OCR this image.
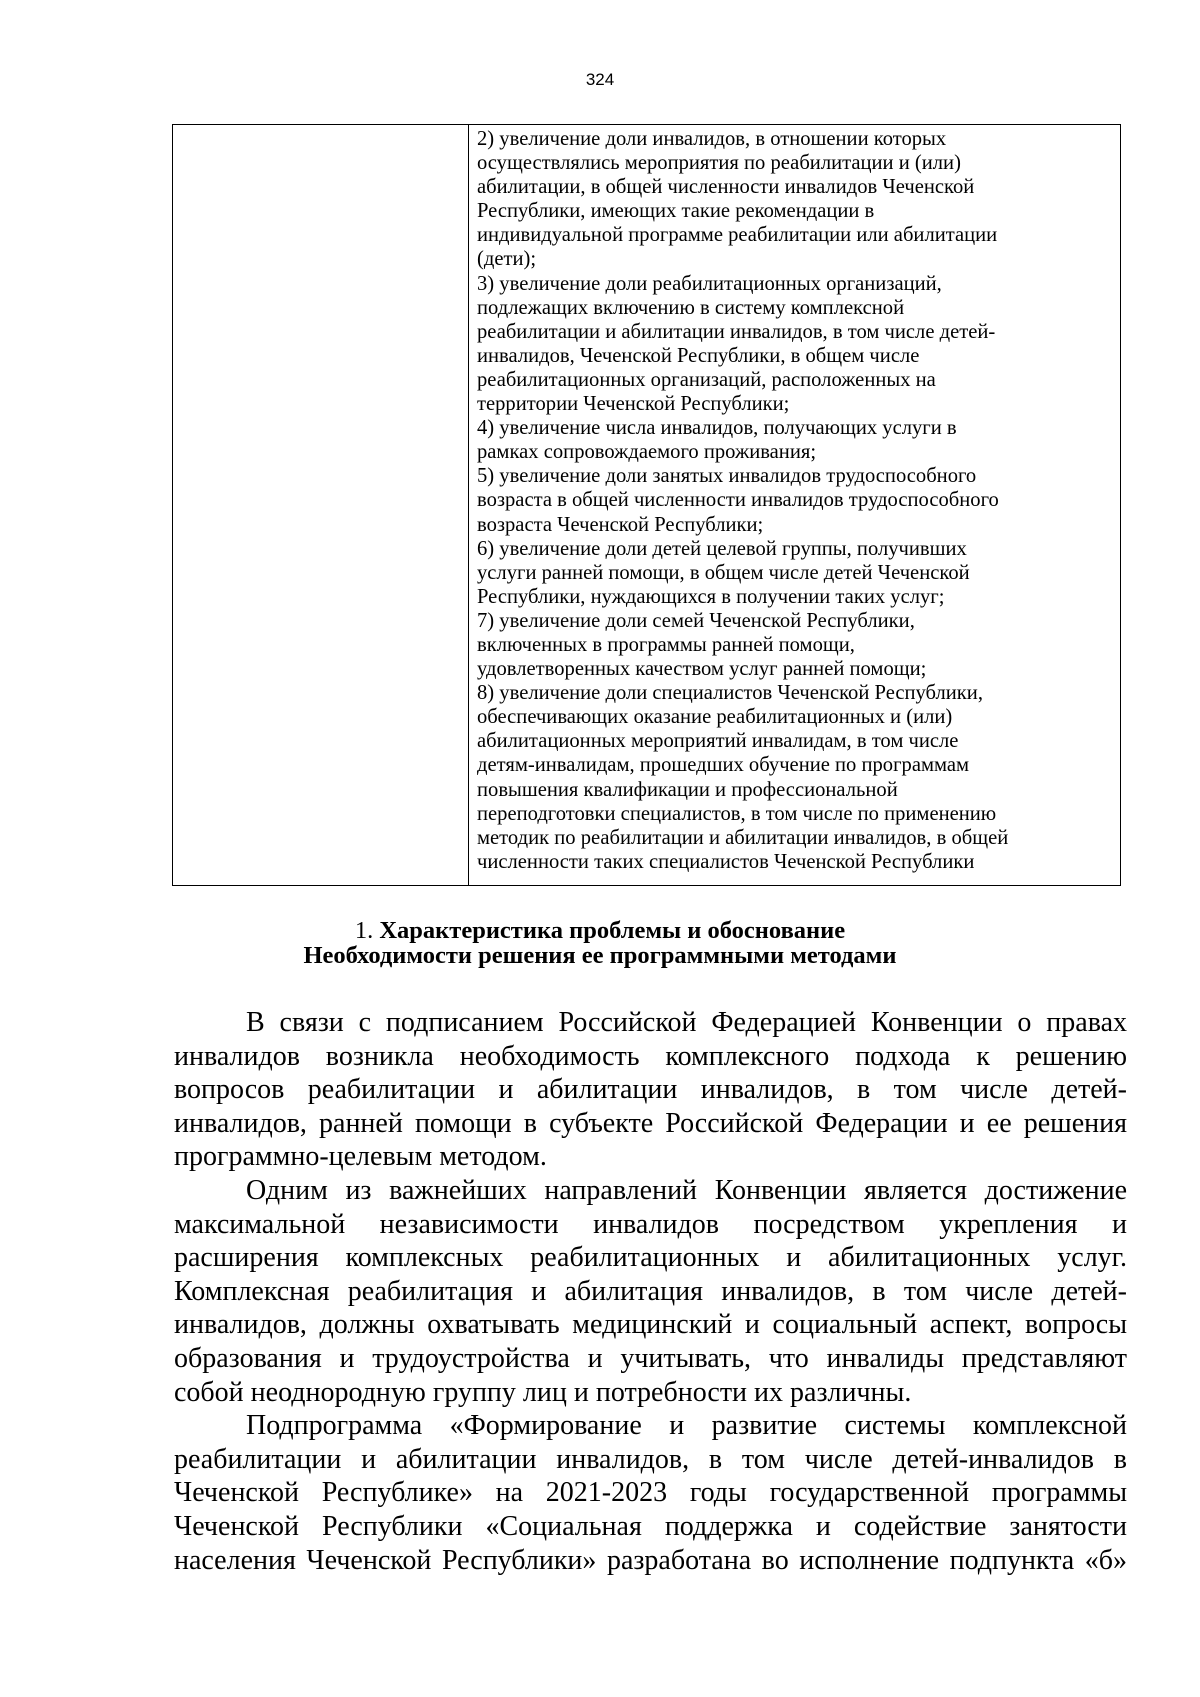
324

2) увеличение доли инвалидов, в отношении которых
осуществлялись мероприятия по реабилитации и (или)
абилитации, в общей численности инвалидов Чеченской
Республики, имеющих такие рекомендации в
индивидуальной программе реабилитации или абилитации
(дети);
3) увеличение доли реабилитационных организаций,
подлежащих включению в систему комплексной
реабилитации и абилитации инвалидов, в том числе детей-
инвалидов, Чеченской Республики, в общем числе
реабилитационных организаций, расположенных на
территории Чеченской Республики;
4) увеличение числа инвалидов, получающих услуги в
рамках сопровождаемого проживания;
5) увеличение доли занятых инвалидов трудоспособного
возраста в общей численности инвалидов трудоспособного
возраста Чеченской Республики;
6) увеличение доли детей целевой группы, получивших
услуги ранней помощи, в общем числе детей Чеченской
Республики, нуждающихся в получении таких услуг;
7) увеличение доли семей Чеченской Республики,
включенных в программы ранней помощи,
удовлетворенных качеством услуг ранней помощи;
8) увеличение доли специалистов Чеченской Республики,
обеспечивающих оказание реабилитационных и (или)
абилитационных мероприятий инвалидам, в том числе
детям-инвалидам, прошедших обучение по программам
повышения квалификации и профессиональной
переподготовки специалистов, в том числе по применению
методик по реабилитации и абилитации инвалидов, в общей
численности таких специалистов Чеченской Республики
1. Характеристика проблемы и обоснование
Необходимости решения ее программными методами

В связи с подписанием Российской Федерацией Конвенции о правах
инвалидов возникла необходимость комплексного подхода к решению
вопросов реабилитации и абилитации инвалидов, в том числе детей-
инвалидов, ранней помощи в субъекте Российской Федерации и ее решения
программно-целевым методом.

Одним из важнейших направлений Конвенции является достижение
максимальной независимости инвалидов посредством укрепления и
расширения комплексных реабилитационных и абилитационных услуг.
Комплексная реабилитация и абилитация инвалидов, в том числе детей-
инвалидов, должны охватывать медицинский и социальный аспект, вопросы
образования и трудоустройства и учитывать, что инвалиды представляют
собой неоднородную группу лиц и потребности их различны.

Подпрограмма «Формирование и развитие системы комплексной
реабилитации и абилитации инвалидов, в том числе детей-инвалидов в
Чеченской Республике» на 2021-2023 годы государственной программы
Чеченской Республики «Социальная поддержка и содействие занятости
населения Чеченской Республики» разработана во исполнение подпункта «б»
